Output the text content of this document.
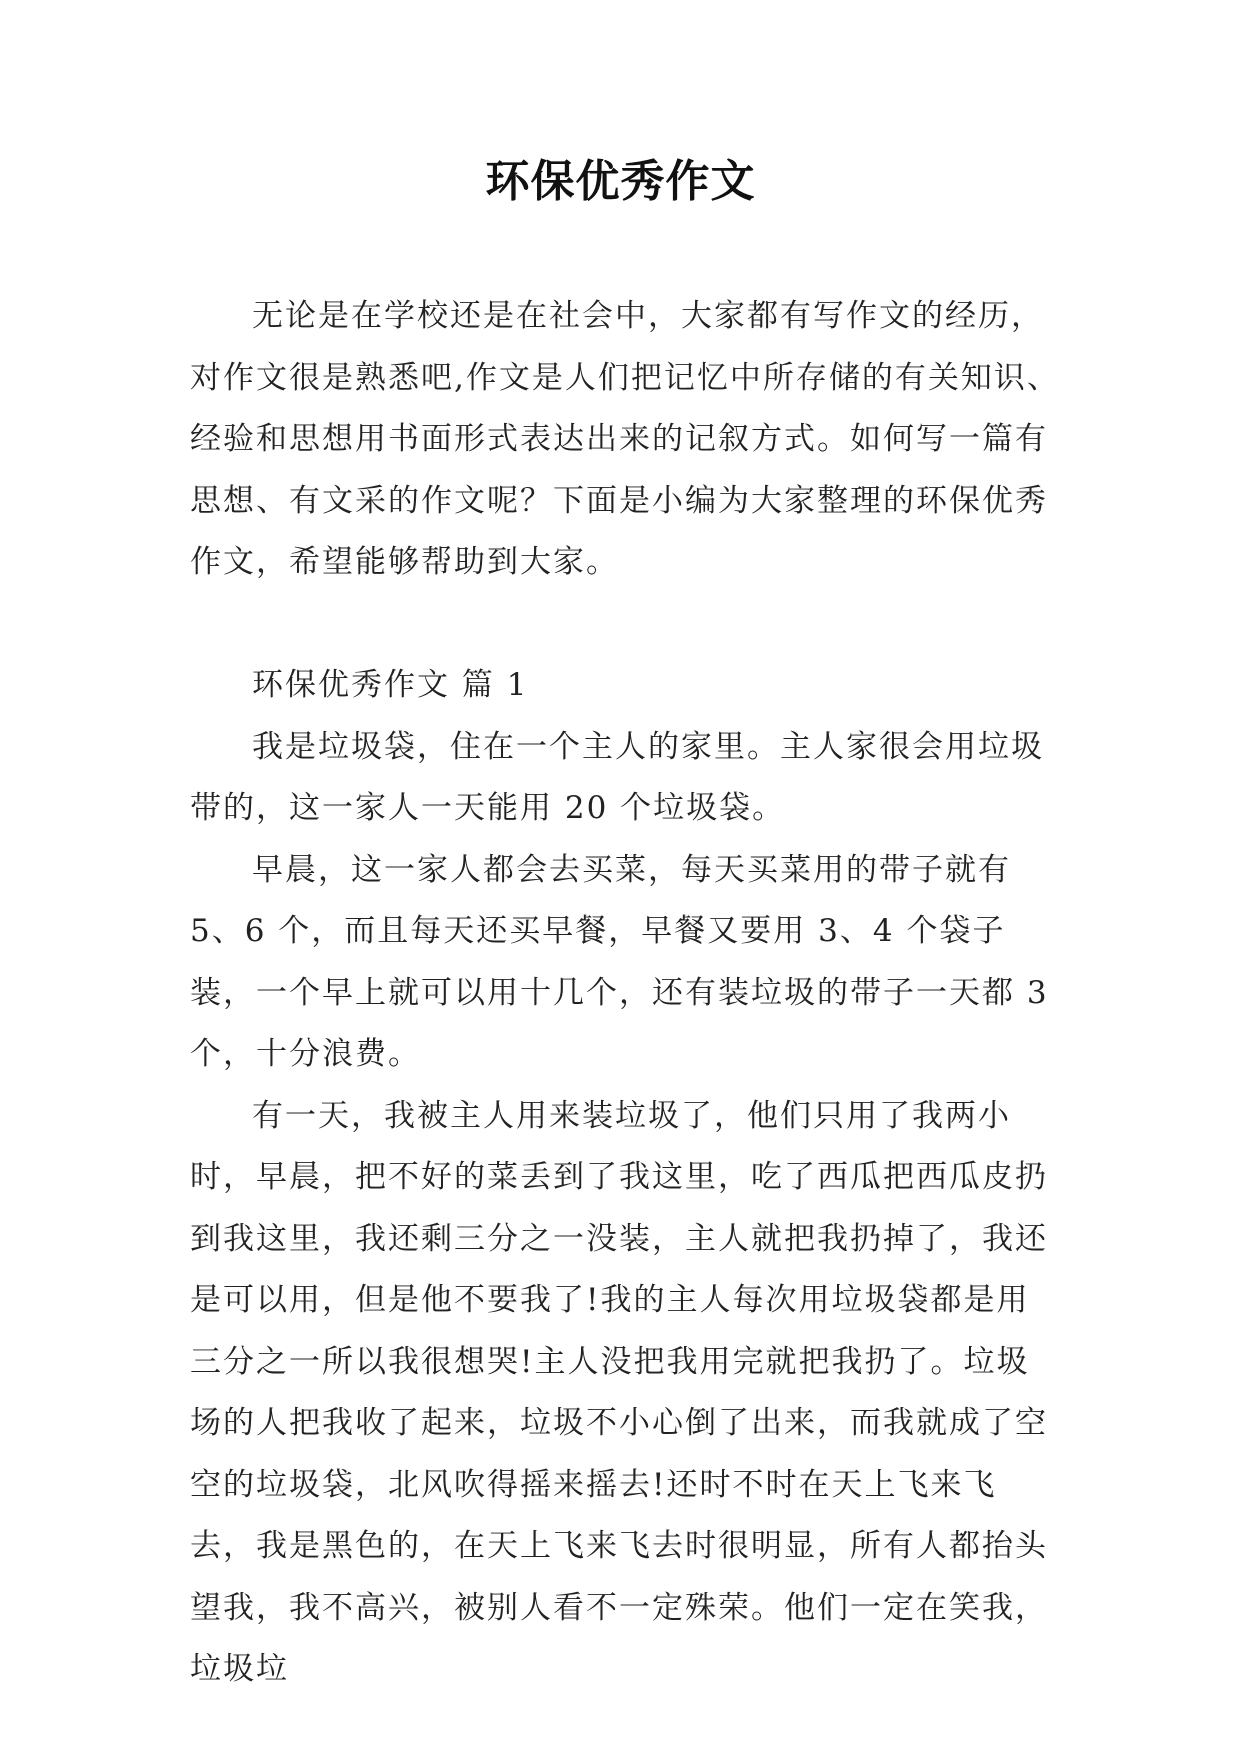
环保优秀作文

无论是在学校还是在社会中，大家都有写作文的经历，对作文很是熟悉吧,作文是人们把记忆中所存储的有关知识、经验和思想用书面形式表达出来的记叙方式。如何写一篇有思想、有文采的作文呢？下面是小编为大家整理的环保优秀作文，希望能够帮助到大家。

环保优秀作文 篇 1

我是垃圾袋，住在一个主人的家里。主人家很会用垃圾带的，这一家人一天能用 20 个垃圾袋。

早晨，这一家人都会去买菜，每天买菜用的带子就有 5、6 个，而且每天还买早餐，早餐又要用 3、4 个袋子装，一个早上就可以用十几个，还有装垃圾的带子一天都 3 个，十分浪费。

有一天，我被主人用来装垃圾了，他们只用了我两小时，早晨，把不好的菜丢到了我这里，吃了西瓜把西瓜皮扔到我这里，我还剩三分之一没装，主人就把我扔掉了，我还是可以用，但是他不要我了!我的主人每次用垃圾袋都是用三分之一所以我很想哭!主人没把我用完就把我扔了。垃圾场的人把我收了起来，垃圾不小心倒了出来，而我就成了空空的垃圾袋，北风吹得摇来摇去!还时不时在天上飞来飞去，我是黑色的，在天上飞来飞去时很明显，所有人都抬头望我，我不高兴，被别人看不一定殊荣。他们一定在笑我，垃圾垃
